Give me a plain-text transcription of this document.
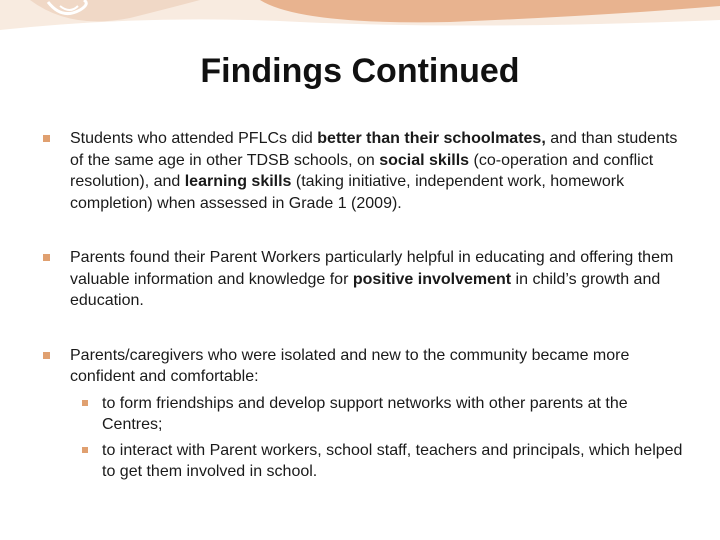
Findings Continued
Students who attended PFLCs did better than their schoolmates, and than students of the same age in other TDSB schools, on social skills (co-operation and conflict resolution), and learning skills (taking initiative, independent work, homework completion) when assessed in Grade 1 (2009).
Parents found their Parent Workers particularly helpful in educating and offering them valuable information and knowledge for positive involvement in child’s growth and education.
Parents/caregivers who were isolated and new to the community became more confident and comfortable:
to form friendships and develop support networks with other parents at the Centres;
to interact with Parent workers, school staff, teachers and principals, which helped to get them involved in school.
